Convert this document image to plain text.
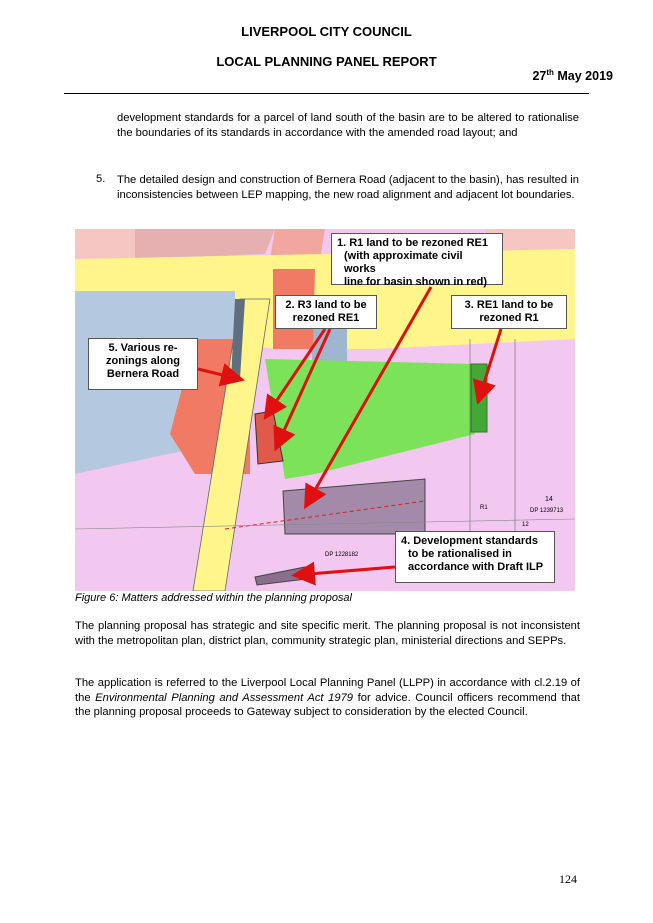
LIVERPOOL CITY COUNCIL
LOCAL PLANNING PANEL REPORT
27th May 2019
development standards for a parcel of land south of the basin are to be altered to rationalise the boundaries of its standards in accordance with the amended road layout; and
5. The detailed design and construction of Bernera Road (adjacent to the basin), has resulted in inconsistencies between LEP mapping, the new road alignment and adjacent lot boundaries.
14
DP 1239713
DP 1228182
12
R1
1. R1 land to be rezoned RE1
(with approximate civil works
line for basin shown in red)
2. R3 land to be
rezoned RE1
3. RE1 land to be
rezoned R1
4. Development standards
to be rationalised in
accordance with Draft ILP
5. Various re-
zonings along
Bernera Road
Figure 6: Matters addressed within the planning proposal
The planning proposal has strategic and site specific merit. The planning proposal is not inconsistent with the metropolitan plan, district plan, community strategic plan, ministerial directions and SEPPs.
The application is referred to the Liverpool Local Planning Panel (LLPP) in accordance with cl.2.19 of the Environmental Planning and Assessment Act 1979 for advice. Council officers recommend that the planning proposal proceeds to Gateway subject to consideration by the elected Council.
124
